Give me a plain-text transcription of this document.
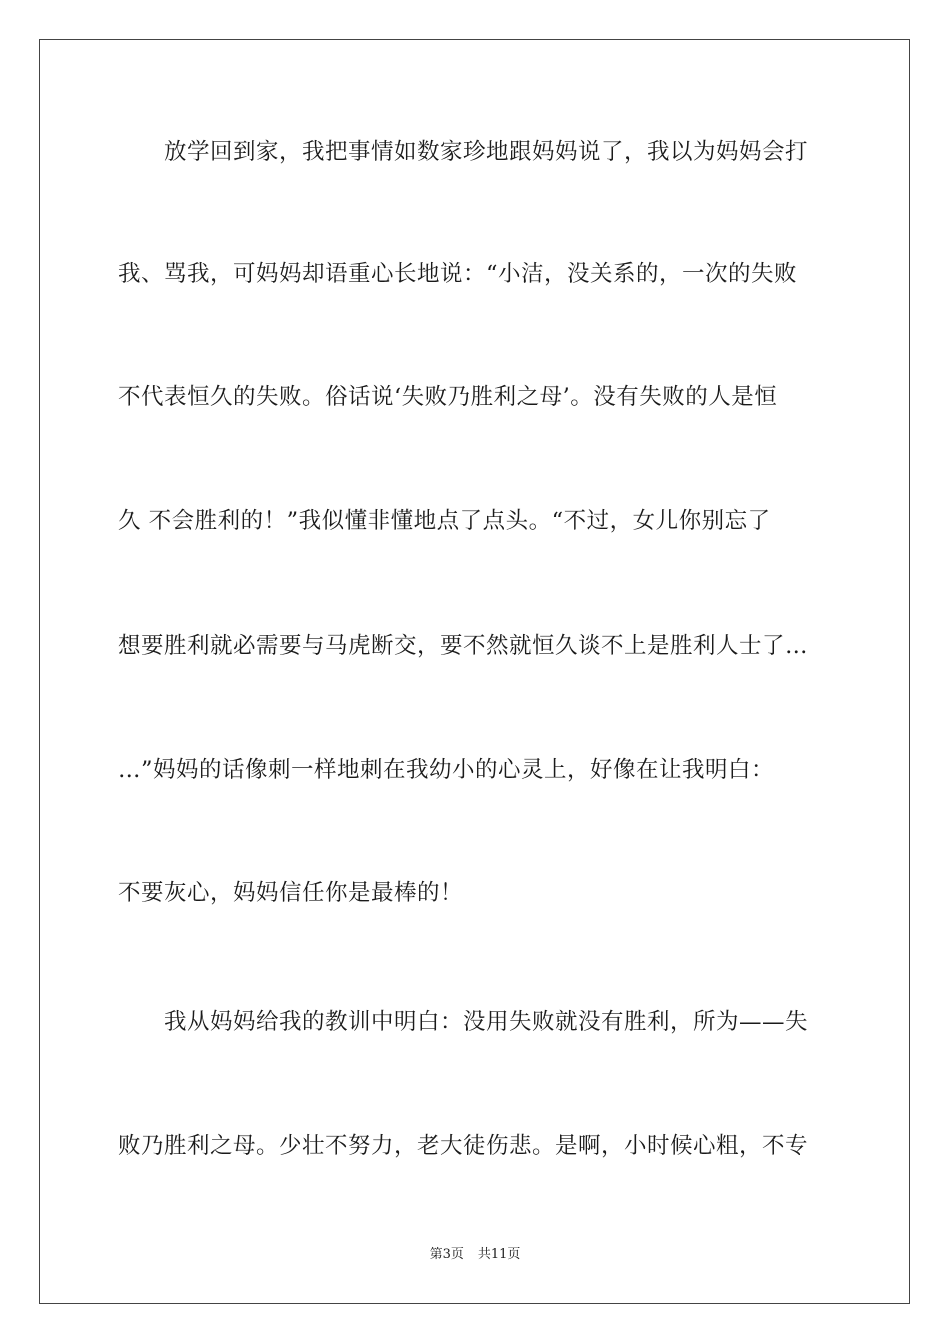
放学回到家，我把事情如数家珍地跟妈妈说了，我以为妈妈会打
我、骂我，可妈妈却语重心长地说：“小洁，没关系的，一次的失败
不代表恒久的失败。俗话说‘失败乃胜利之母’。没有失败的人是恒
久 不会胜利的！”我似懂非懂地点了点头。“不过，女儿你别忘了
想要胜利就必需要与马虎断交，要不然就恒久谈不上是胜利人士了…
…”妈妈的话像刺一样地刺在我幼小的心灵上，好像在让我明白：
不要灰心，妈妈信任你是最棒的！
我从妈妈给我的教训中明白：没用失败就没有胜利，所为——失
败乃胜利之母。少壮不努力，老大徒伤悲。是啊，小时候心粗，不专
第3页 共11页
